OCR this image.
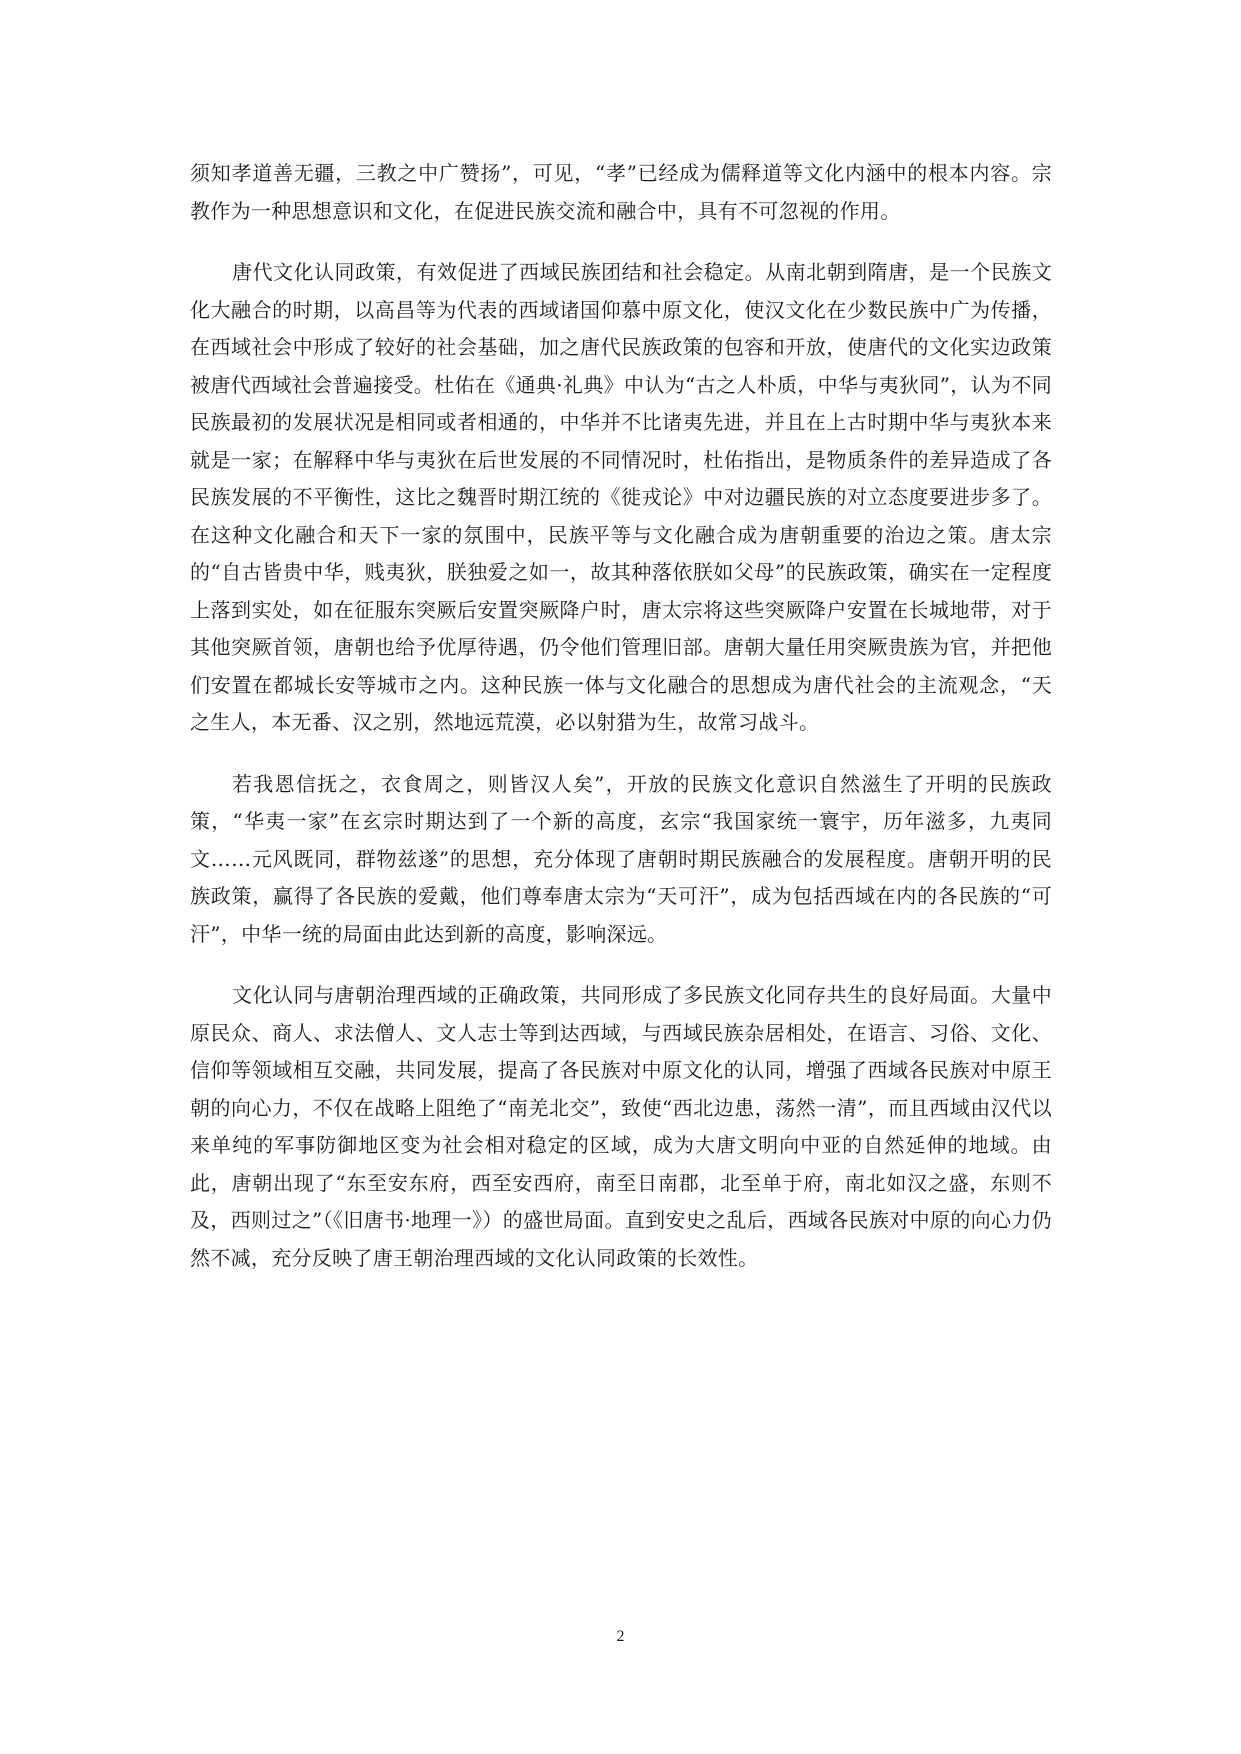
须知孝道善无疆，三教之中广赞扬”，可见，“孝”已经成为儒释道等文化内涵中的根本内容。宗教作为一种思想意识和文化，在促进民族交流和融合中，具有不可忽视的作用。

唐代文化认同政策，有效促进了西域民族团结和社会稳定。从南北朝到隋唐，是一个民族文化大融合的时期，以高昌等为代表的西域诸国仰慕中原文化，使汉文化在少数民族中广为传播，在西域社会中形成了较好的社会基础，加之唐代民族政策的包容和开放，使唐代的文化实边政策被唐代西域社会普遍接受。杜佑在《通典·礼典》中认为“古之人朴质，中华与夷狄同”，认为不同民族最初的发展状况是相同或者相通的，中华并不比诸夷先进，并且在上古时期中华与夷狄本来就是一家；在解释中华与夷狄在后世发展的不同情况时，杜佑指出，是物质条件的差异造成了各民族发展的不平衡性，这比之魏晋时期江统的《徙戎论》中对边疆民族的对立态度要进步多了。在这种文化融合和天下一家的氛围中，民族平等与文化融合成为唐朝重要的治边之策。唐太宗的“自古皆贵中华，贱夷狄，朕独爱之如一，故其种落依朕如父母”的民族政策，确实在一定程度上落到实处，如在征服东突厥后安置突厥降户时，唐太宗将这些突厥降户安置在长城地带，对于其他突厥首领，唐朝也给予优厚待遇，仍令他们管理旧部。唐朝大量任用突厥贵族为官，并把他们安置在都城长安等城市之内。这种民族一体与文化融合的思想成为唐代社会的主流观念，“天之生人，本无番、汉之别，然地远荒漠，必以射猎为生，故常习战斗。

若我恩信抚之，衣食周之，则皆汉人矣”，开放的民族文化意识自然滋生了开明的民族政策，“华夷一家”在玄宗时期达到了一个新的高度，玄宗“我国家统一寰宇，历年滋多，九夷同文……元风既同，群物兹遂”的思想，充分体现了唐朝时期民族融合的发展程度。唐朝开明的民族政策，赢得了各民族的爱戴，他们尊奉唐太宗为“天可汗”，成为包括西域在内的各民族的“可汗”，中华一统的局面由此达到新的高度，影响深远。

文化认同与唐朝治理西域的正确政策，共同形成了多民族文化同存共生的良好局面。大量中原民众、商人、求法僧人、文人志士等到达西域，与西域民族杂居相处，在语言、习俗、文化、信仰等领域相互交融，共同发展，提高了各民族对中原文化的认同，增强了西域各民族对中原王朝的向心力，不仅在战略上阻绝了“南羌北交”，致使“西北边患，荡然一清”，而且西域由汉代以来单纯的军事防御地区变为社会相对稳定的区域，成为大唐文明向中亚的自然延伸的地域。由此，唐朝出现了“东至安东府，西至安西府，南至日南郡，北至单于府，南北如汉之盛，东则不及，西则过之”（《旧唐书·地理一》）的盛世局面。直到安史之乱后，西域各民族对中原的向心力仍然不减，充分反映了唐王朝治理西域的文化认同政策的长效性。

2
